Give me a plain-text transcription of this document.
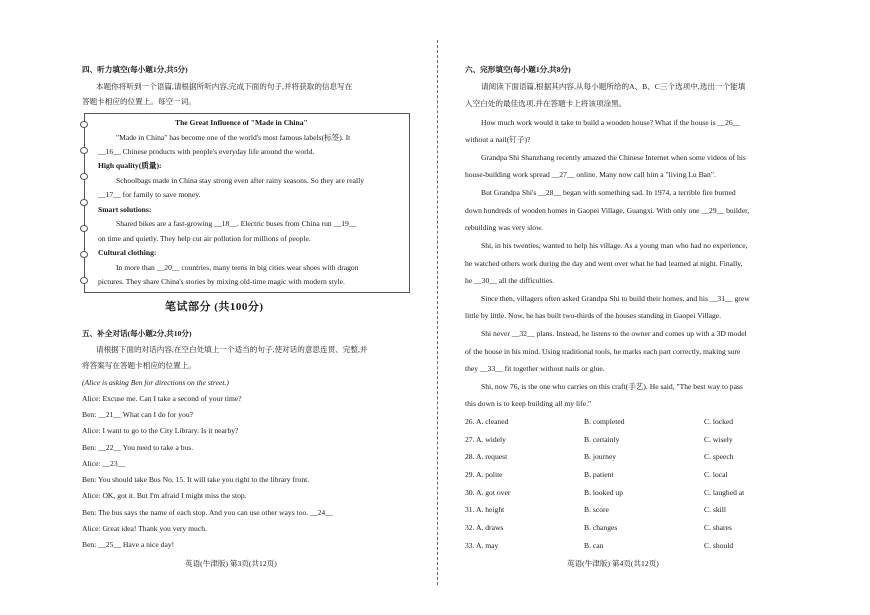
四、听力填空(每小题1分,共5分)
本题你将听到一个语篇,请根据所听内容,完成下面的句子,并将获取的信息写在
答题卡相应的位置上。每空一词。
The Great Influence of "Made in China"
"Made in China" has become one of the world's most famous labels(标签). It
__16__ Chinese products with people's everyday life around the world.
High quality(质量):
Schoolbags made in China stay strong even after rainy seasons. So they are really
__17__ for family to save money.
Smart solutions:
Shared bikes are a fast-growing __18__. Electric buses from China run __19__
on time and quietly. They help cut air pollution for millions of people.
Cultural clothing:
In more than __20__ countries, many teens in big cities wear shoes with dragon
pictures. They share China's stories by mixing old-time magic with modern style.
笔试部分 (共100分)
五、补全对话(每小题2分,共10分)
请根据下面的对话内容,在空白处填上一个适当的句子,使对话的意思连贯、完整,并
将答案写在答题卡相应的位置上。
(Alice is asking Ben for directions on the street.)
Alice: Excuse me. Can I take a second of your time?
Ben: __21__ What can I do for you?
Alice: I want to go to the City Library. Is it nearby?
Ben: __22__ You need to take a bus.
Alice: __23__
Ben: You should take Bus No. 15. It will take you right to the library front.
Alice: OK, got it. But I'm afraid I might miss the stop.
Ben: The bus says the name of each stop. And you can use other ways too. __24__
Alice: Great idea! Thank you very much.
Ben: __25__ Have a nice day!
英语(牛津版) 第3页(共12页)
六、完形填空(每小题1分,共8分)
请阅读下面语篇,根据其内容,从每小题所给的A、B、C三个选项中,选出一个能填
入空白处的最佳选项,并在答题卡上将该项涂黑。
How much work would it take to build a wooden house? What if the house is __26__
without a nail(钉子)?
Grandpa Shi Shanzhang recently amazed the Chinese Internet when some videos of his
house-building work spread __27__ online. Many now call him a "living Lu Ban".
But Grandpa Shi's __28__ began with something sad. In 1974, a terrible fire burned
down hundreds of wooden homes in Gaopei Village, Guangxi. With only one __29__ builder,
rebuilding was very slow.
Shi, in his twenties, wanted to help his village. As a young man who had no experience,
he watched others work during the day and went over what he had learned at night. Finally,
he __30__ all the difficulties.
Since then, villagers often asked Grandpa Shi to build their homes, and his __31__ grew
little by little. Now, he has built two-thirds of the houses standing in Gaopei Village.
Shi never __32__ plans. Instead, he listens to the owner and comes up with a 3D model
of the house in his mind. Using traditional tools, he marks each part correctly, making sure
they __33__ fit together without nails or glue.
Shi, now 76, is the one who carries on this craft(手艺). He said, "The best way to pass
this down is to keep building all my life."
26. A. cleaned	B. completed	C. locked
27. A. widely	B. certainly	C. wisely
28. A. request	B. journey	C. speech
29. A. polite	B. patient	C. local
30. A. got over	B. looked up	C. laughed at
31. A. height	B. score	C. skill
32. A. draws	B. changes	C. shares
33. A. may	B. can	C. should
英语(牛津版) 第4页(共12页)
